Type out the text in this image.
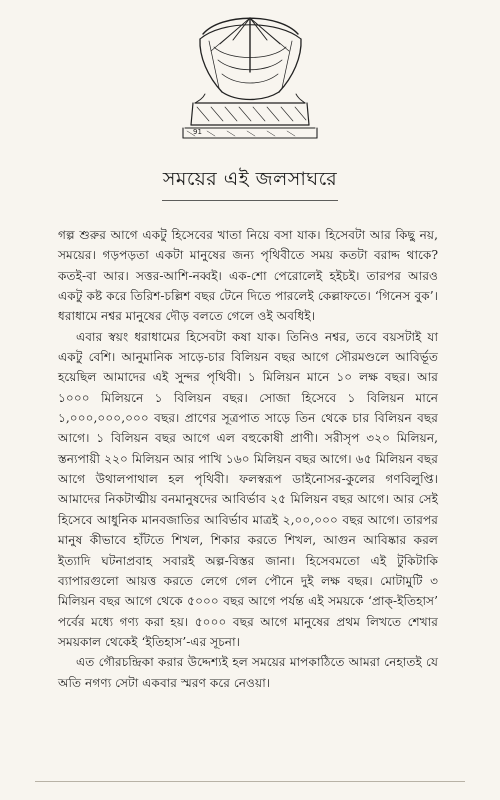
91
সময়ের এই জলসাঘরে

গল্প শুরুর আগে একটু হিসেবের খাতা নিয়ে বসা যাক। হিসেবটা আর কিছু নয়, সময়ের। গড়পড়তা একটা মানুষের জন্য পৃথিবীতে সময় কতটা বরাদ্দ থাকে? কতই-বা আর। সত্তর-আশি-নব্বই। এক-শো পেরোলেই হইচই। তারপর আরও একটু কষ্ট করে তিরিশ-চল্লিশ বছর টেনে দিতে পারলেই কেল্লাফতে। ‘গিনেস বুক’। ধরাধামে নশ্বর মানুষের দৌড় বলতে গেলে ওই অবধিই।

এবার স্বয়ং ধরাধামের হিসেবটা কষা যাক। তিনিও নশ্বর, তবে বয়সটাই যা একটু বেশি। আনুমানিক সাড়ে-চার বিলিয়ন বছর আগে সৌরমণ্ডলে আবির্ভূত হয়েছিল আমাদের এই সুন্দর পৃথিবী। ১ মিলিয়ন মানে ১০ লক্ষ বছর। আর ১০০০ মিলিয়নে ১ বিলিয়ন বছর। সোজা হিসেবে ১ বিলিয়ন মানে ১,০০০,০০০,০০০ বছর। প্রাণের সূত্রপাত সাড়ে তিন থেকে চার বিলিয়ন বছর আগে। ১ বিলিয়ন বছর আগে এল বহুকোষী প্রাণী। সরীসৃপ ৩২০ মিলিয়ন, স্তন্যপায়ী ২২০ মিলিয়ন আর পাখি ১৬০ মিলিয়ন বছর আগে। ৬৫ মিলিয়ন বছর আগে উথালপাথাল হল পৃথিবী। ফলস্বরূপ ডাইনোসর-কুলের গণবিলুপ্তি। আমাদের নিকটাত্মীয় বনমানুষদের আবির্ভাব ২৫ মিলিয়ন বছর আগে। আর সেই হিসেবে আধুনিক মানবজাতির আবির্ভাব মাত্রই ২,০০,০০০ বছর আগে। তারপর মানুষ কীভাবে হাঁটতে শিখল, শিকার করতে শিখল, আগুন আবিষ্কার করল ইত্যাদি ঘটনাপ্রবাহ সবারই অল্প-বিস্তর জানা। হিসেবমতো এই টুকিটাকি ব্যাপারগুলো আয়ত্ত করতে লেগে গেল পৌনে দুই লক্ষ বছর। মোটামুটি ৩ মিলিয়ন বছর আগে থেকে ৫০০০ বছর আগে পর্যন্ত এই সময়কে ‘প্রাক্-ইতিহাস’ পর্বের মধ্যে গণ্য করা হয়। ৫০০০ বছর আগে মানুষের প্রথম লিখতে শেখার সময়কাল থেকেই ‘ইতিহাস’-এর সূচনা।

এত গৌরচন্দ্রিকা করার উদ্দেশ্যই হল সময়ের মাপকাঠিতে আমরা নেহাতই যে অতি নগণ্য সেটা একবার স্মরণ করে নেওয়া।
